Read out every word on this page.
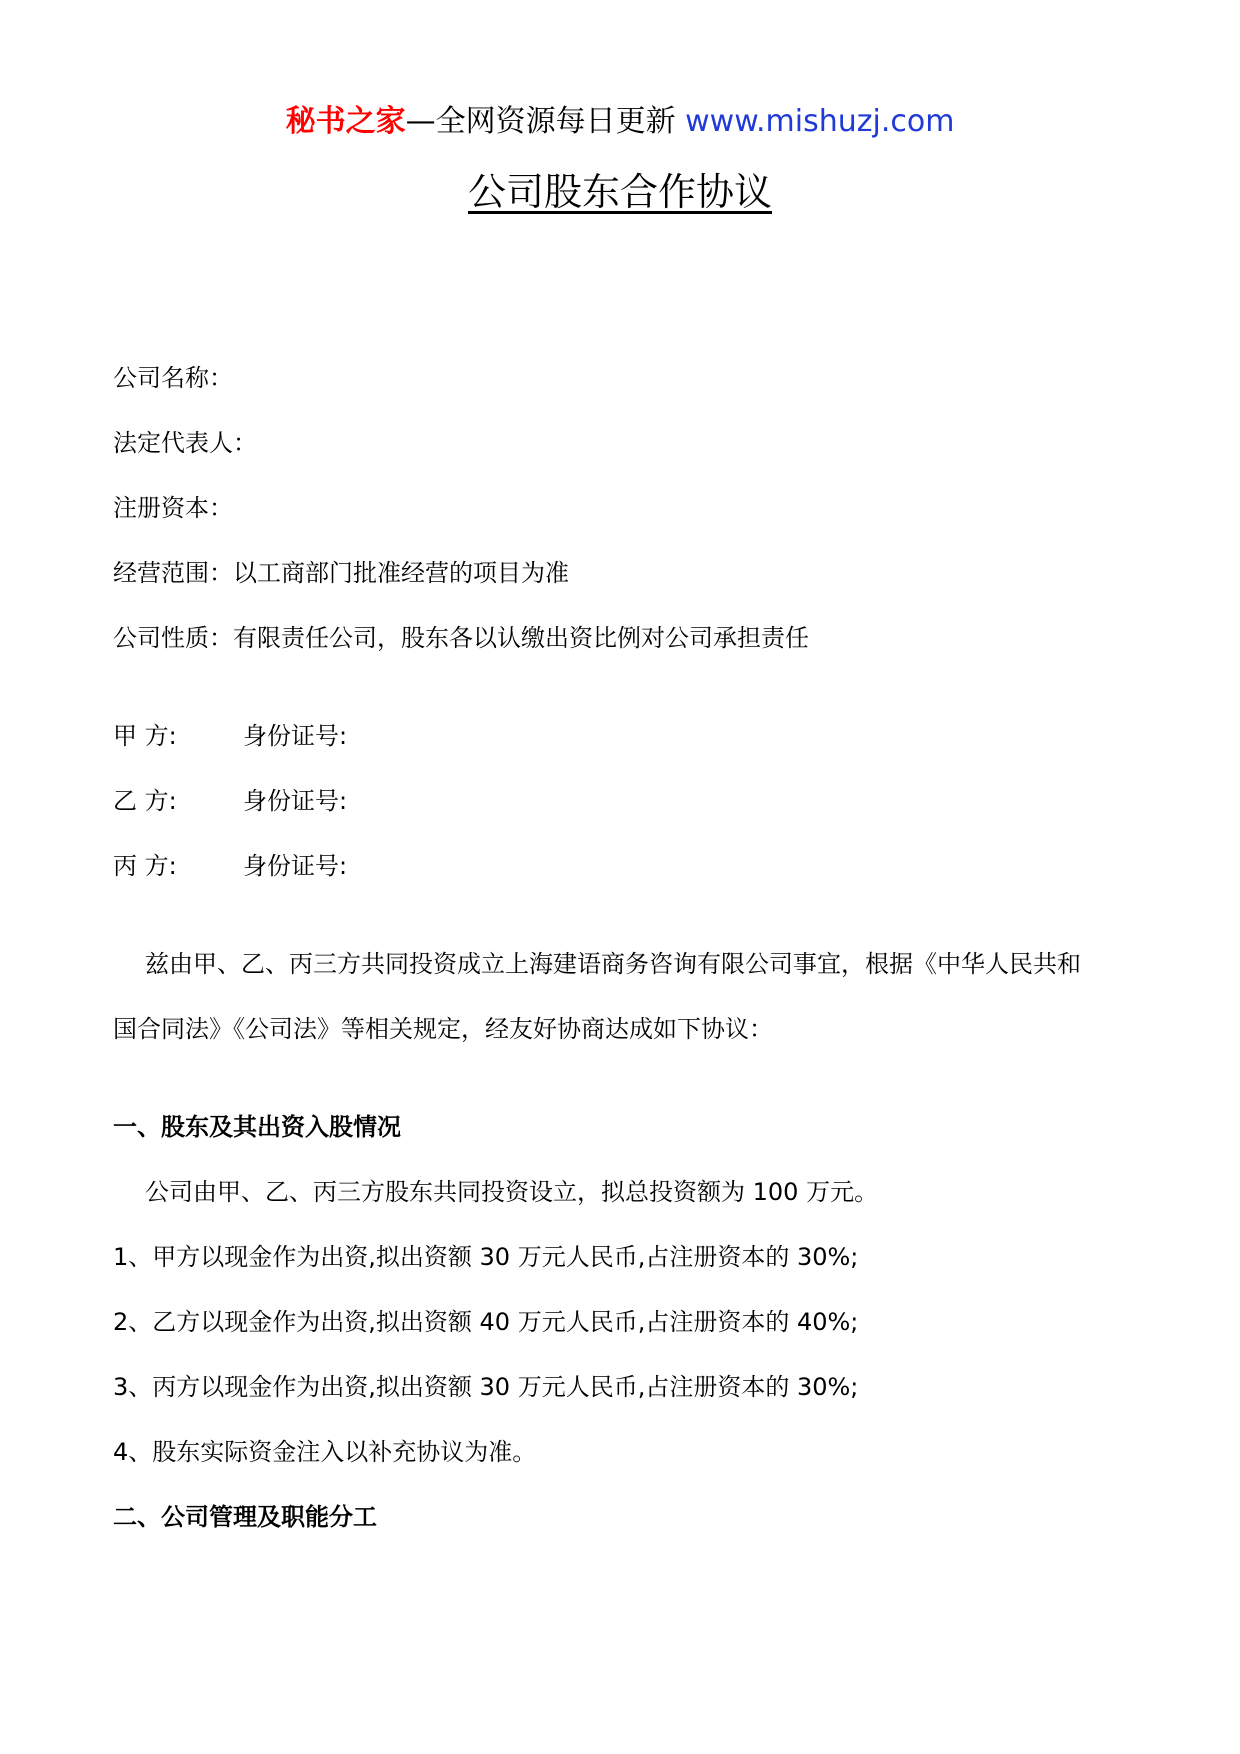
秘书之家—全网资源每日更新 www.mishuzj.com
公司股东合作协议
公司名称：
法定代表人：
注册资本：
经营范围：以工商部门批准经营的项目为准
公司性质：有限责任公司，股东各以认缴出资比例对公司承担责任
甲 方:	身份证号:
乙 方:	身份证号:
丙 方:	身份证号:
兹由甲、乙、丙三方共同投资成立上海建语商务咨询有限公司事宜，根据《中华人民共和
国合同法》《公司法》等相关规定，经友好协商达成如下协议：
一、股东及其出资入股情况
公司由甲、乙、丙三方股东共同投资设立，拟总投资额为 100 万元。
1、甲方以现金作为出资,拟出资额 30 万元人民币,占注册资本的 30%;
2、乙方以现金作为出资,拟出资额 40 万元人民币,占注册资本的 40%;
3、丙方以现金作为出资,拟出资额 30 万元人民币,占注册资本的 30%;
4、股东实际资金注入以补充协议为准。
二、公司管理及职能分工
